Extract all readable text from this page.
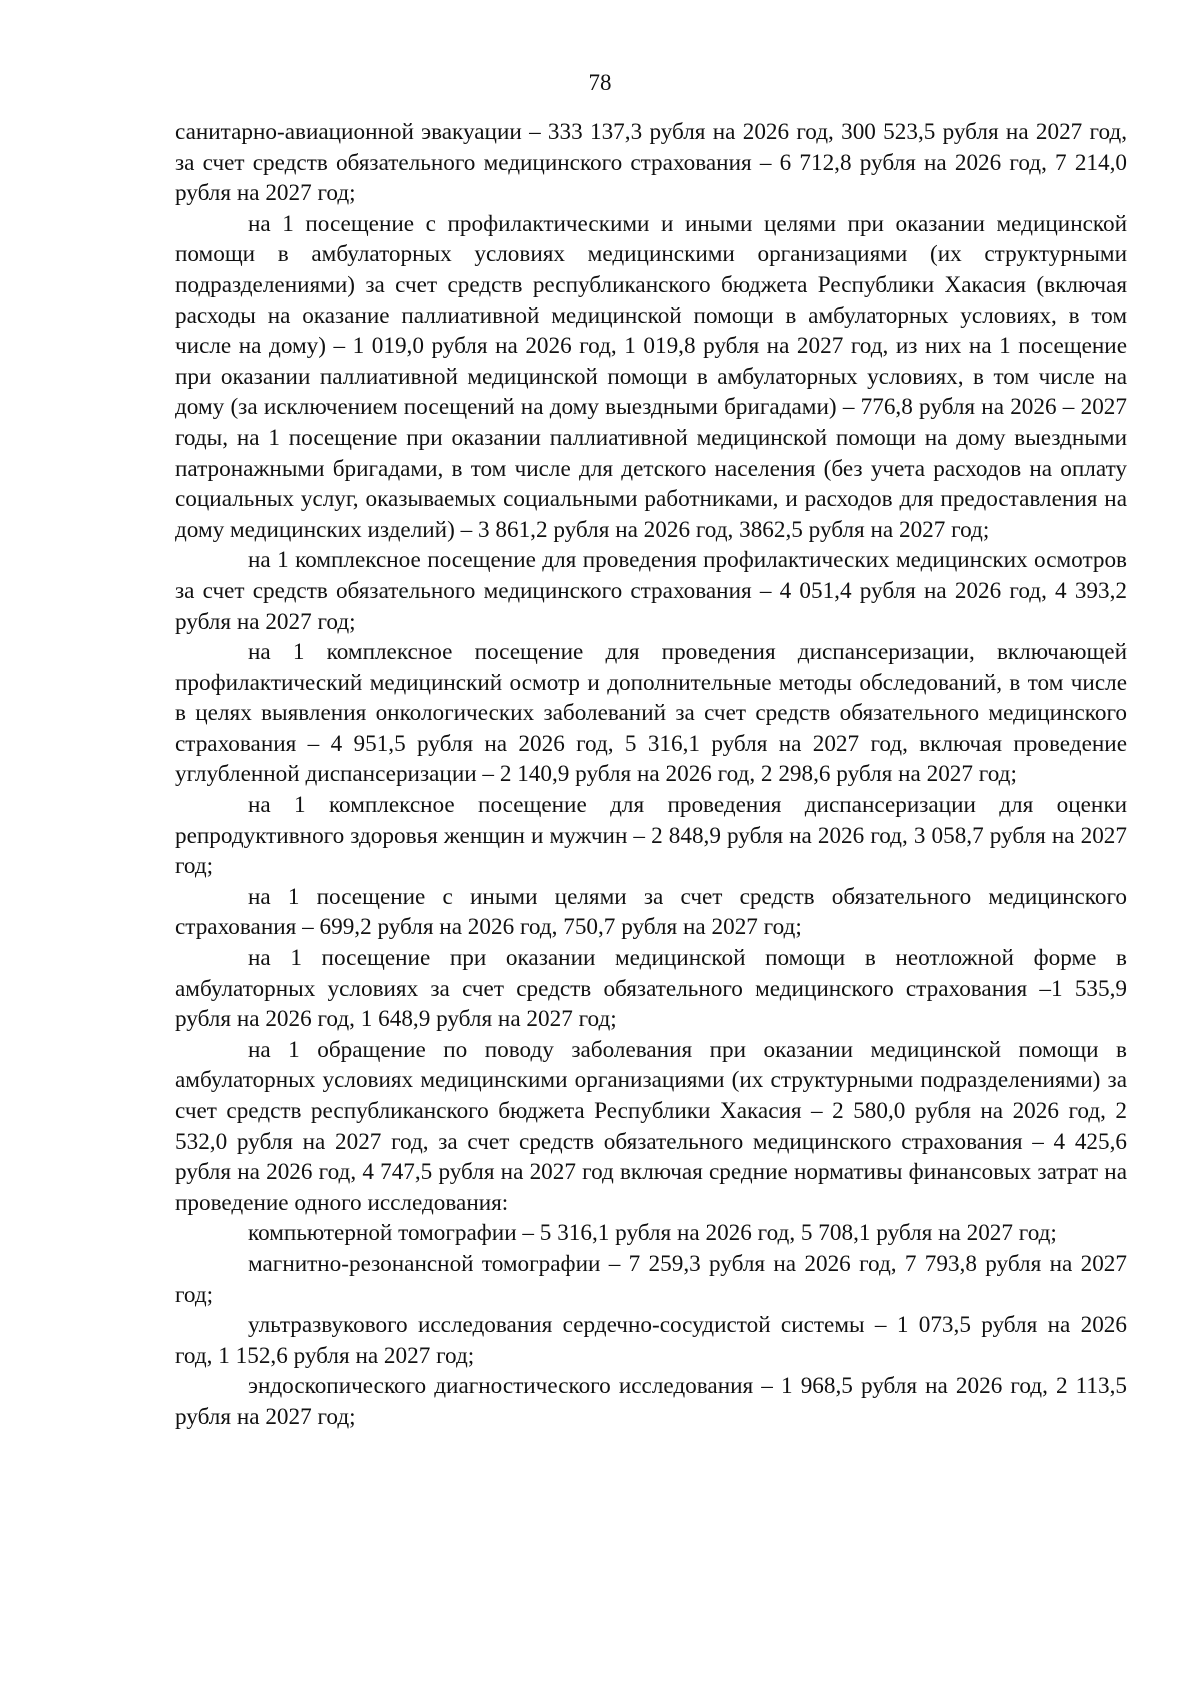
78

санитарно-авиационной эвакуации – 333 137,3 рубля на 2026 год, 300 523,5 рубля на 2027 год, за счет средств обязательного медицинского страхования – 6 712,8 рубля на 2026 год, 7 214,0 рубля на 2027 год;

на 1 посещение с профилактическими и иными целями при оказании медицинской помощи в амбулаторных условиях медицинскими организациями (их структурными подразделениями) за счет средств республиканского бюджета Республики Хакасия (включая расходы на оказание паллиативной медицинской помощи в амбулаторных условиях, в том числе на дому) – 1 019,0 рубля на 2026 год, 1 019,8 рубля на 2027 год, из них на 1 посещение при оказании паллиативной медицинской помощи в амбулаторных условиях, в том числе на дому (за исключением посещений на дому выездными бригадами) – 776,8 рубля на 2026 – 2027 годы, на 1 посещение при оказании паллиативной медицинской помощи на дому выездными патронажными бригадами, в том числе для детского населения (без учета расходов на оплату социальных услуг, оказываемых социальными работниками, и расходов для предоставления на дому медицинских изделий) – 3 861,2 рубля на 2026 год, 3862,5 рубля на 2027 год;

на 1 комплексное посещение для проведения профилактических медицинских осмотров за счет средств обязательного медицинского страхования – 4 051,4 рубля на 2026 год, 4 393,2 рубля на 2027 год;

на 1 комплексное посещение для проведения диспансеризации, включающей профилактический медицинский осмотр и дополнительные методы обследований, в том числе в целях выявления онкологических заболеваний за счет средств обязательного медицинского страхования – 4 951,5 рубля на 2026 год, 5 316,1 рубля на 2027 год, включая проведение углубленной диспансеризации – 2 140,9 рубля на 2026 год, 2 298,6 рубля на 2027 год;

на 1 комплексное посещение для проведения диспансеризации для оценки репродуктивного здоровья женщин и мужчин – 2 848,9 рубля на 2026 год, 3 058,7 рубля на 2027 год;

на 1 посещение с иными целями за счет средств обязательного медицинского страхования – 699,2 рубля на 2026 год, 750,7 рубля на 2027 год;

на 1 посещение при оказании медицинской помощи в неотложной форме в амбулаторных условиях за счет средств обязательного медицинского страхования –1 535,9 рубля на 2026 год, 1 648,9 рубля на 2027 год;

на 1 обращение по поводу заболевания при оказании медицинской помощи в амбулаторных условиях медицинскими организациями (их структурными подразделениями) за счет средств республиканского бюджета Республики Хакасия – 2 580,0 рубля на 2026 год, 2 532,0 рубля на 2027 год, за счет средств обязательного медицинского страхования – 4 425,6 рубля на 2026 год, 4 747,5 рубля на 2027 год включая средние нормативы финансовых затрат на проведение одного исследования:

компьютерной томографии – 5 316,1 рубля на 2026 год, 5 708,1 рубля на 2027 год;

магнитно-резонансной томографии – 7 259,3 рубля на 2026 год, 7 793,8 рубля на 2027 год;

ультразвукового исследования сердечно-сосудистой системы – 1 073,5 рубля на 2026 год, 1 152,6 рубля на 2027 год;

эндоскопического диагностического исследования – 1 968,5 рубля на 2026 год, 2 113,5 рубля на 2027 год;
